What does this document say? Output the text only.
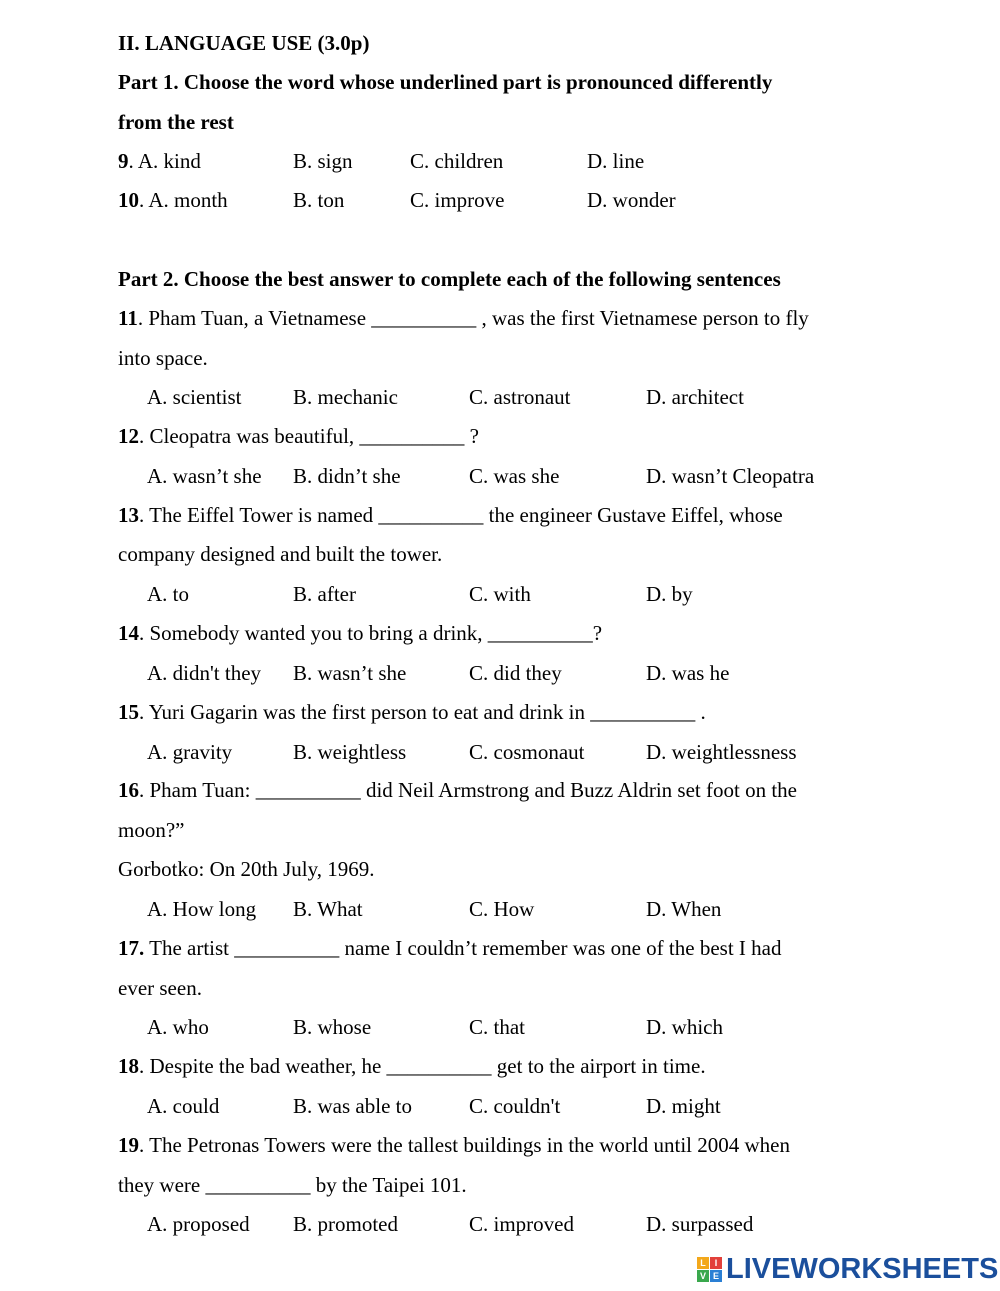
II. LANGUAGE USE (3.0p)
Part 1. Choose the word whose underlined part is pronounced differently
from the rest
9. A. kind	B. sign	C. children	D. line
10. A. month	B. ton	C. improve	D. wonder
Part 2. Choose the best answer to complete each of the following sentences
11. Pham Tuan, a Vietnamese __________ , was the first Vietnamese person to fly
into space.
A. scientist B. mechanic	C. astronaut	D. architect
12. Cleopatra was beautiful, __________ ?
A. wasn’t she B. didn’t she	C. was she	D. wasn’t Cleopatra
13. The Eiffel Tower is named __________ the engineer Gustave Eiffel, whose
company designed and built the tower.
A. to	B. after	C. with	D. by
14. Somebody wanted you to bring a drink, __________?
A. didn't they B. wasn’t she	C. did they	D. was he
15. Yuri Gagarin was the first person to eat and drink in __________ .
A. gravity	B. weightless	C. cosmonaut	D. weightlessness
16. Pham Tuan: __________ did Neil Armstrong and Buzz Aldrin set foot on the
moon?”
Gorbotko: On 20th July, 1969.
A. How long B. What	C. How	D. When
17. The artist __________ name I couldn’t remember was one of the best I had
ever seen.
A. who	B. whose	C. that	D. which
18. Despite the bad weather, he __________ get to the airport in time.
A. could	B. was able to	C. couldn't	D. might
19. The Petronas Towers were the tallest buildings in the world until 2004 when
they were __________ by the Taipei 101.
A. proposed B. promoted	C. improved	D. surpassed
L I
V E LIVEWORKSHEETS
